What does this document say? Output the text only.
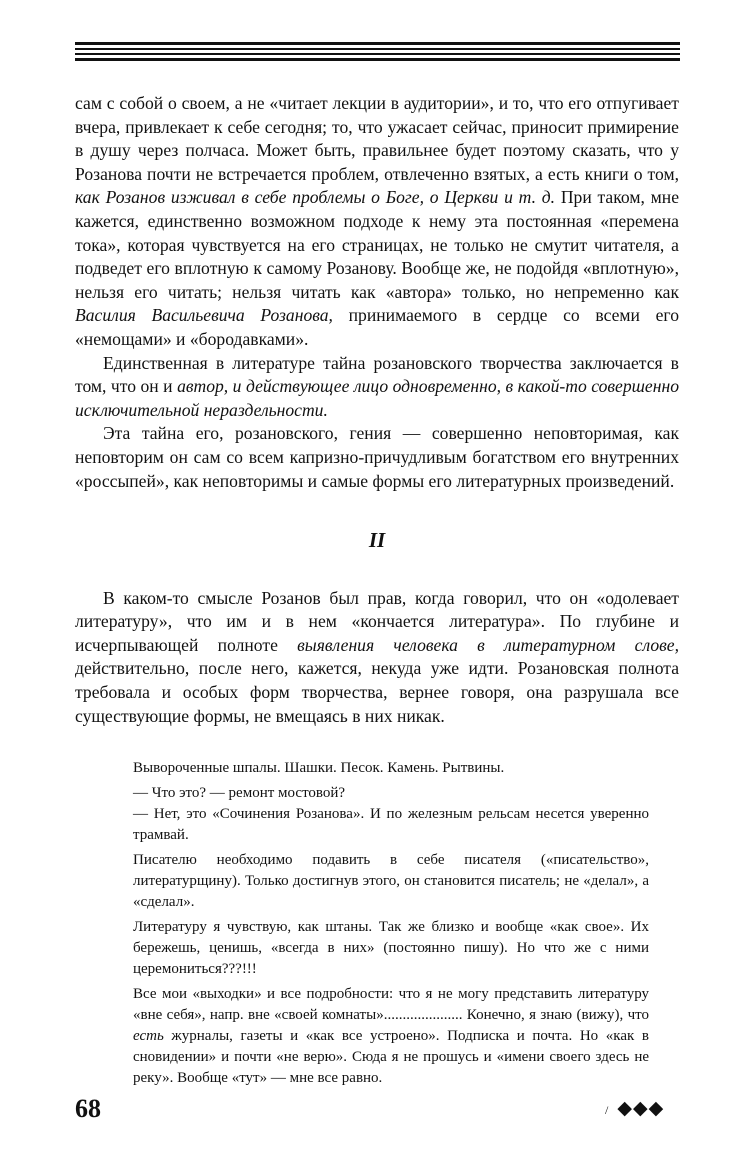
сам с собой о своем, а не «читает лекции в аудитории», и то, что его отпугивает вчера, привлекает к себе сегодня; то, что ужасает сейчас, приносит примирение в душу через полчаса. Может быть, правильнее будет поэтому сказать, что у Розанова почти не встречается проблем, отвлеченно взятых, а есть книги о том, как Розанов изживал в себе проблемы о Боге, о Церкви и т. д. При таком, мне кажется, единственно возможном подходе к нему эта постоянная «перемена тока», которая чувствуется на его страницах, не только не смутит читателя, а подведет его вплотную к самому Розанову. Вообще же, не подойдя «вплотную», нельзя его читать; нельзя читать как «автора» только, но непременно как Василия Васильевича Розанова, принимаемого в сердце со всеми его «немощами» и «бородавками».

Единственная в литературе тайна розановского творчества заключается в том, что он и автор, и действующее лицо одновременно, в какой-то совершенно исключительной нераздельности.

Эта тайна его, розановского, гения — совершенно неповторимая, как неповторим он сам со всем капризно-причудливым богатством его внутренних «россыпей», как неповторимы и самые формы его литературных произведений.

II

В каком-то смысле Розанов был прав, когда говорил, что он «одолевает литературу», что им и в нем «кончается литература». По глубине и исчерпывающей полноте выявления человека в литературном слове, действительно, после него, кажется, некуда уже идти. Розановская полнота требовала и особых форм творчества, вернее говоря, она разрушала все существующие формы, не вмещаясь в них никак.

Вывороченные шпалы. Шашки. Песок. Камень. Рытвины.

— Что это? — ремонт мостовой?

— Нет, это «Сочинения Розанова». И по железным рельсам несется уверенно трамвай.

Писателю необходимо подавить в себе писателя («писательство», литературщину). Только достигнув этого, он становится писатель; не «делал», а «сделал».

Литературу я чувствую, как штаны. Так же близко и вообще «как свое». Их бережешь, ценишь, «всегда в них» (постоянно пишу). Но что же с ними церемониться???!!!

Все мои «выходки» и все подробности: что я не могу представить литературу «вне себя», напр. вне «своей комнаты»..................... Конечно, я знаю (вижу), что есть журналы, газеты и «как все устроено». Подписка и почта. Но «как в сновидении» и почти «не верю». Сюда я не прошусь и «имени своего здесь не реку». Вообще «тут» — мне все равно.

68	/ ◆◆◆
